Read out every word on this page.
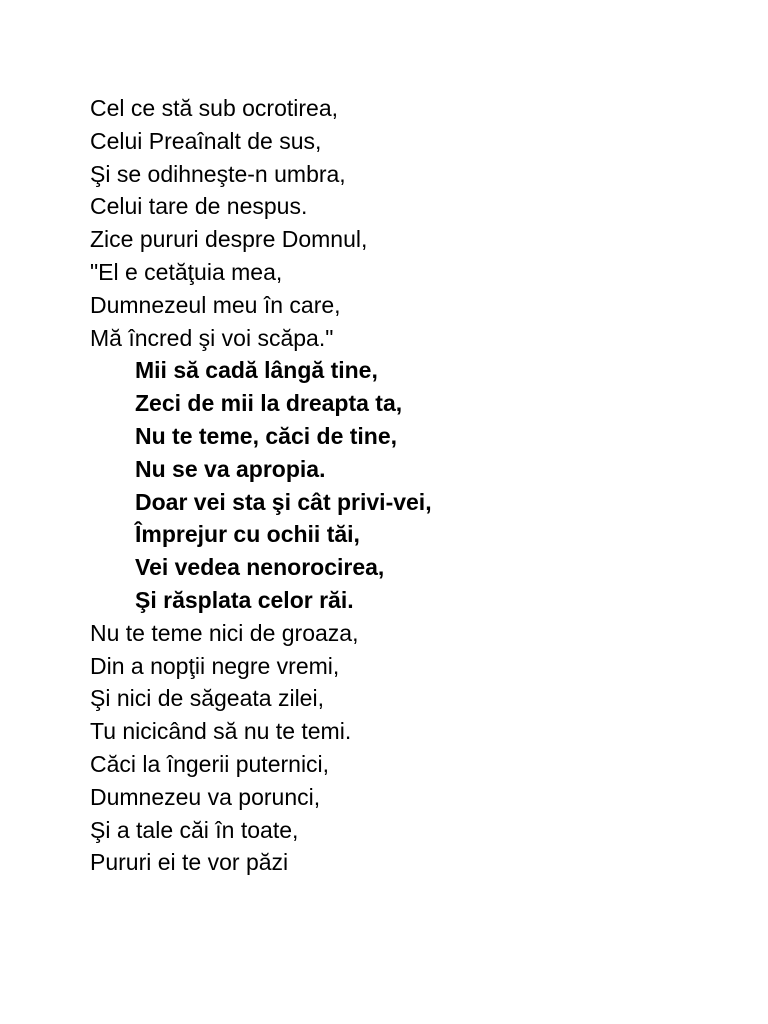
Cel ce stă sub ocrotirea,
Celui Preaînalt de sus,
Şi se odihneşte-n umbra,
Celui tare de nespus.
Zice pururi despre Domnul,
"El e cetăţuia mea,
Dumnezeul meu în care,
Mă încred şi voi scăpa."
Mii să cadă lângă tine,
Zeci de mii la dreapta ta,
Nu te teme, căci de tine,
Nu se va apropia.
Doar vei sta şi cât privi-vei,
Împrejur cu ochii tăi,
Vei vedea nenorocirea,
Şi răsplata celor răi.
Nu te teme nici de groaza,
Din a nopţii negre vremi,
Şi nici de săgeata zilei,
Tu nicicând să nu te temi.
Căci la îngerii puternici,
Dumnezeu va porunci,
Şi a tale căi în toate,
Pururi ei te vor păzi
